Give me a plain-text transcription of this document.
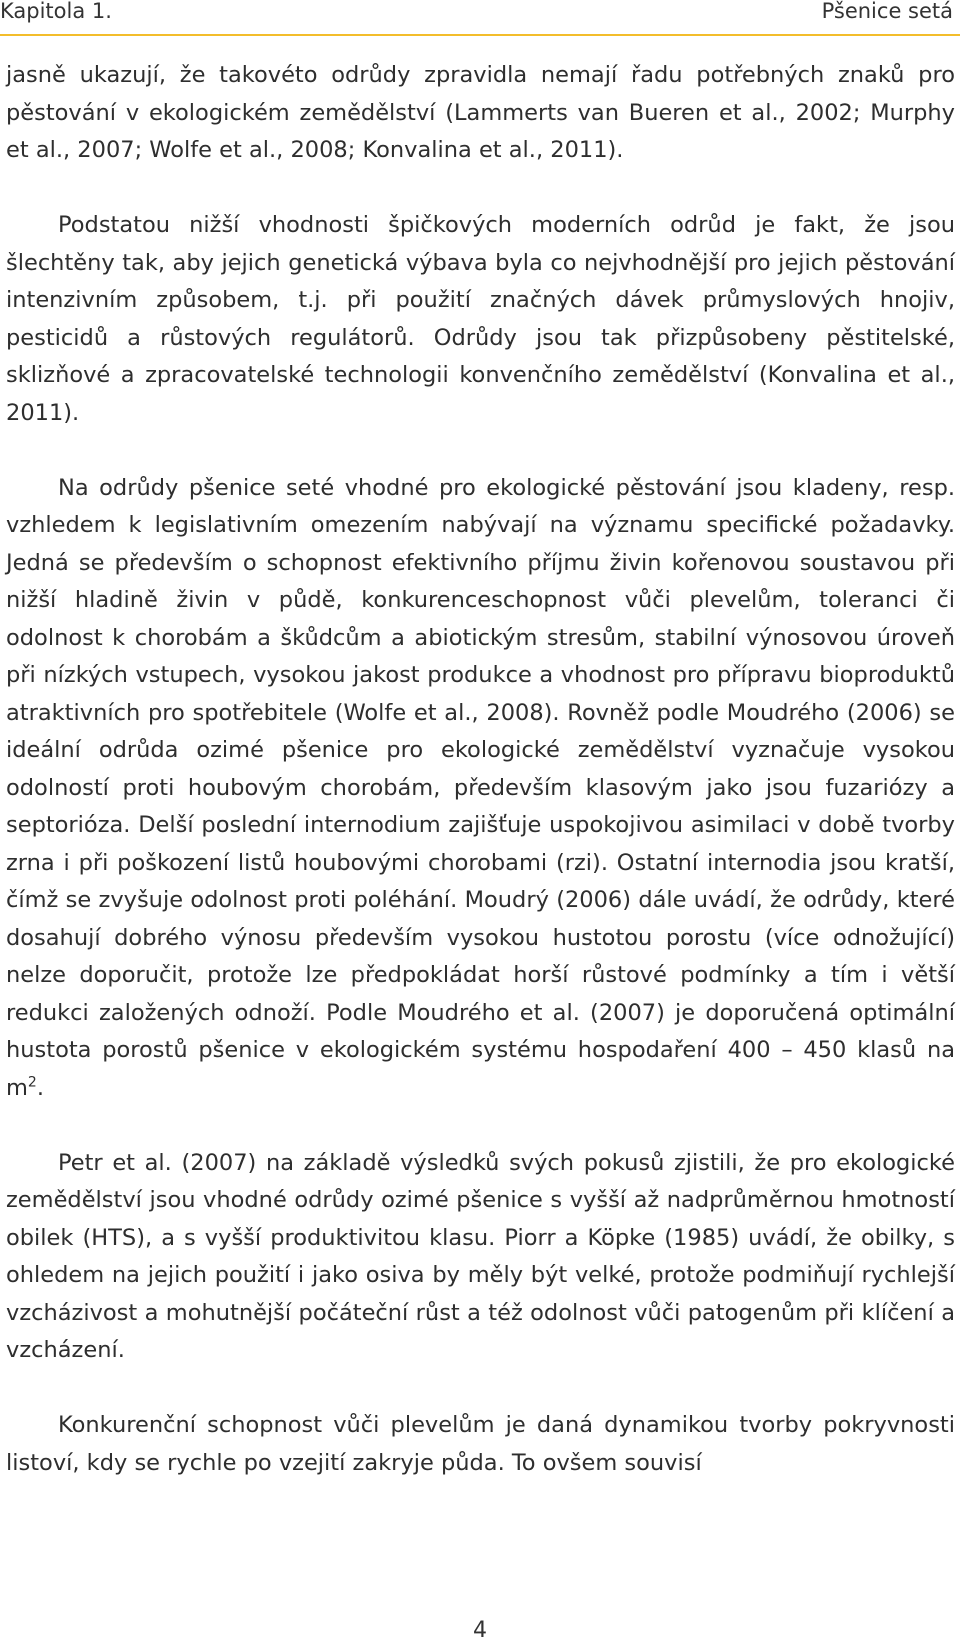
Kapitola 1.	Pšenice setá

jasně ukazují, že takovéto odrůdy zpravidla nemají řadu potřebných znaků pro pěstování v ekologickém zemědělství (Lammerts van Bueren et al., 2002; Murphy et al., 2007; Wolfe et al., 2008; Konvalina et al., 2011).

Podstatou nižší vhodnosti špičkových moderních odrůd je fakt, že jsou šlechtěny tak, aby jejich genetická výbava byla co nejvhodnější pro jejich pěstování intenzivním způsobem, t.j. při použití značných dávek průmyslových hnojiv, pesticidů a růstových regulátorů. Odrůdy jsou tak přizpůsobeny pěstitelské, sklizňové a zpracovatelské technologii konvenčního zemědělství (Konvalina et al., 2011).

Na odrůdy pšenice seté vhodné pro ekologické pěstování jsou kladeny, resp. vzhledem k legislativním omezením nabývají na významu specifické požadavky. Jedná se především o schopnost efektivního příjmu živin kořenovou soustavou při nižší hladině živin v půdě, konkurenceschopnost vůči plevelům, toleranci či odolnost k chorobám a škůdcům a abiotickým stresům, stabilní výnosovou úroveň při nízkých vstupech, vysokou jakost produkce a vhodnost pro přípravu bioproduktů atraktivních pro spotřebitele (Wolfe et al., 2008). Rovněž podle Moudrého (2006) se ideální odrůda ozimé pšenice pro ekologické zemědělství vyznačuje vysokou odolností proti houbovým chorobám, především klasovým jako jsou fuzariózy a septorióza. Delší poslední internodium zajišťuje uspokojivou asimilaci v době tvorby zrna i při poškození listů houbovými chorobami (rzi). Ostatní internodia jsou kratší, čímž se zvyšuje odolnost proti poléhání. Moudrý (2006) dále uvádí, že odrůdy, které dosahují dobrého výnosu především vysokou hustotou porostu (více odnožující) nelze doporučit, protože lze předpokládat horší růstové podmínky a tím i větší redukci založených odnoží. Podle Moudrého et al. (2007) je doporučená optimální hustota porostů pšenice v ekologickém systému hospodaření 400 – 450 klasů na $m^2$.

Petr et al. (2007) na základě výsledků svých pokusů zjistili, že pro ekologické zemědělství jsou vhodné odrůdy ozimé pšenice s vyšší až nadprůměrnou hmotností obilek (HTS), a s vyšší produktivitou klasu. Piorr a Köpke (1985) uvádí, že obilky, s ohledem na jejich použití i jako osiva by měly být velké, protože podmiňují rychlejší vzcházivost a mohutnější počáteční růst a též odolnost vůči patogenům při klíčení a vzcházení.

Konkurenční schopnost vůči plevelům je daná dynamikou tvorby pokryvnosti listoví, kdy se rychle po vzejití zakryje půda. To ovšem souvisí

4
